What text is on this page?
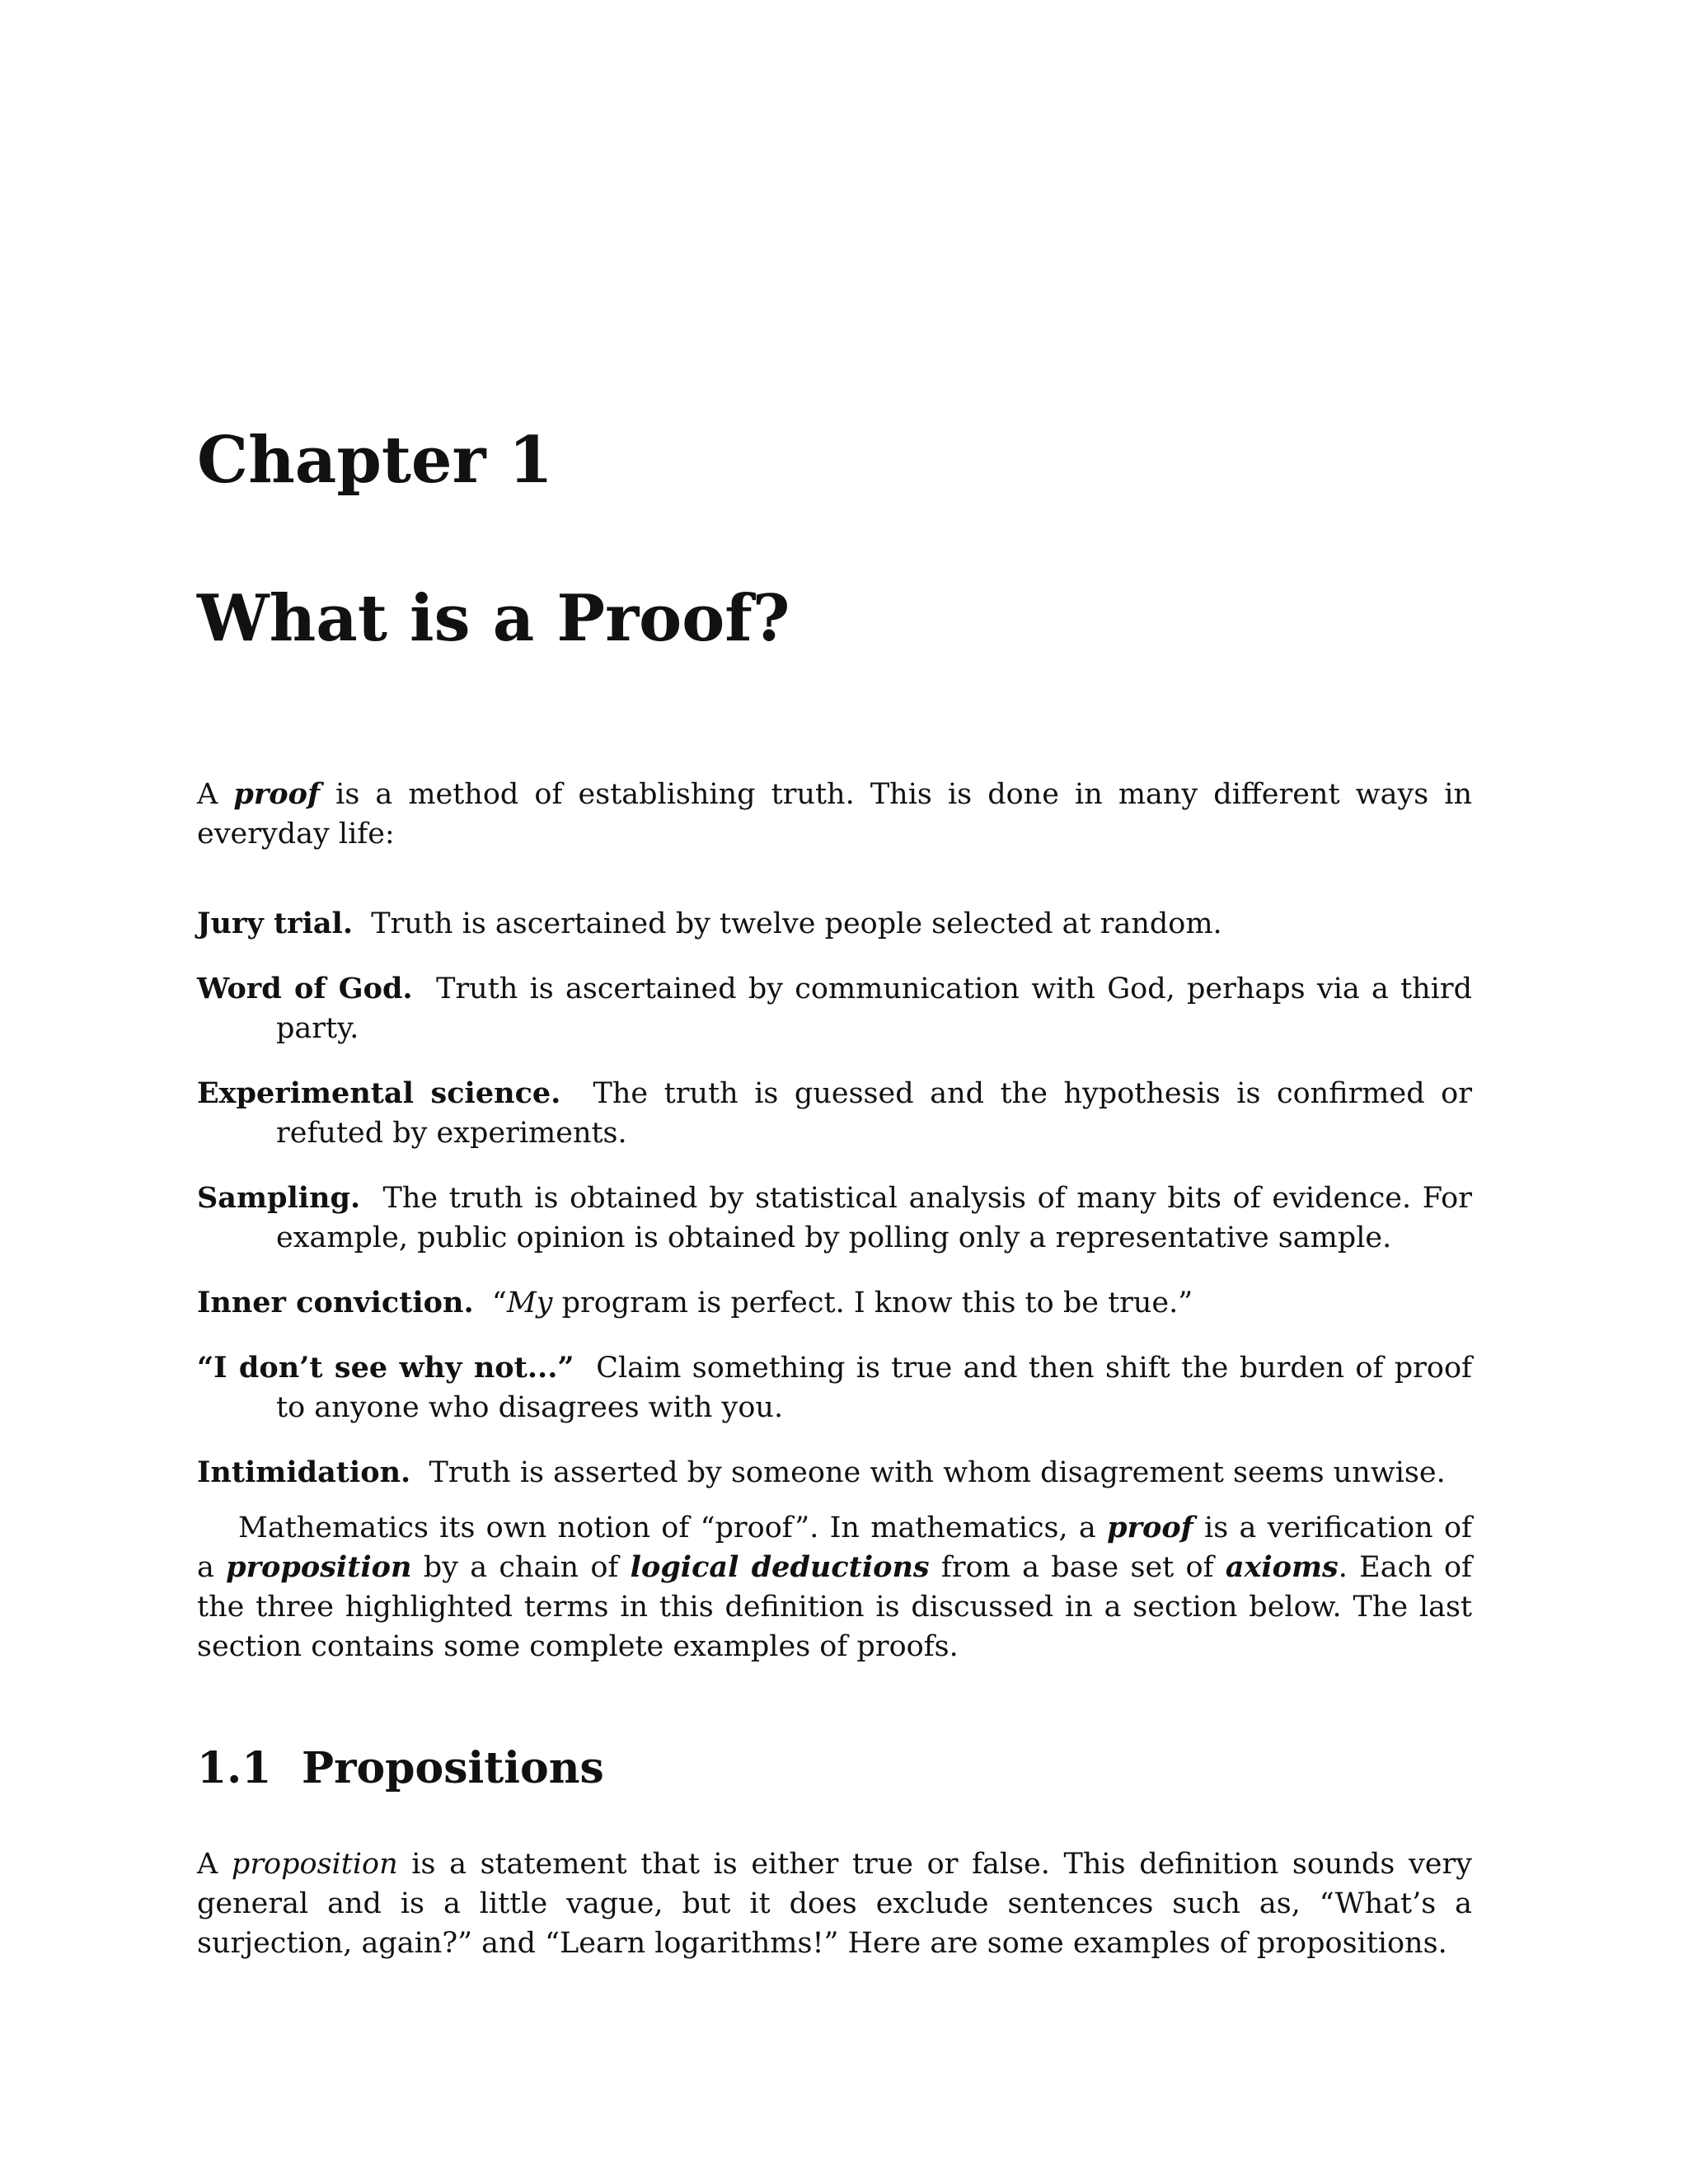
Chapter 1
What is a Proof?

A proof is a method of establishing truth. This is done in many different ways in everyday life:

Jury trial. Truth is ascertained by twelve people selected at random.
Word of God. Truth is ascertained by communication with God, perhaps via a third party.
Experimental science. The truth is guessed and the hypothesis is confirmed or refuted by experiments.
Sampling. The truth is obtained by statistical analysis of many bits of evidence. For example, public opinion is obtained by polling only a representative sample.
Inner conviction. “My program is perfect. I know this to be true.”
“I don’t see why not...” Claim something is true and then shift the burden of proof to anyone who disagrees with you.
Intimidation. Truth is asserted by someone with whom disagrement seems unwise.

Mathematics its own notion of “proof”. In mathematics, a proof is a verification of a proposition by a chain of logical deductions from a base set of axioms. Each of the three highlighted terms in this definition is discussed in a section below. The last section contains some complete examples of proofs.

1.1 Propositions

A proposition is a statement that is either true or false. This definition sounds very general and is a little vague, but it does exclude sentences such as, “What’s a surjection, again?” and “Learn logarithms!” Here are some examples of propositions.
